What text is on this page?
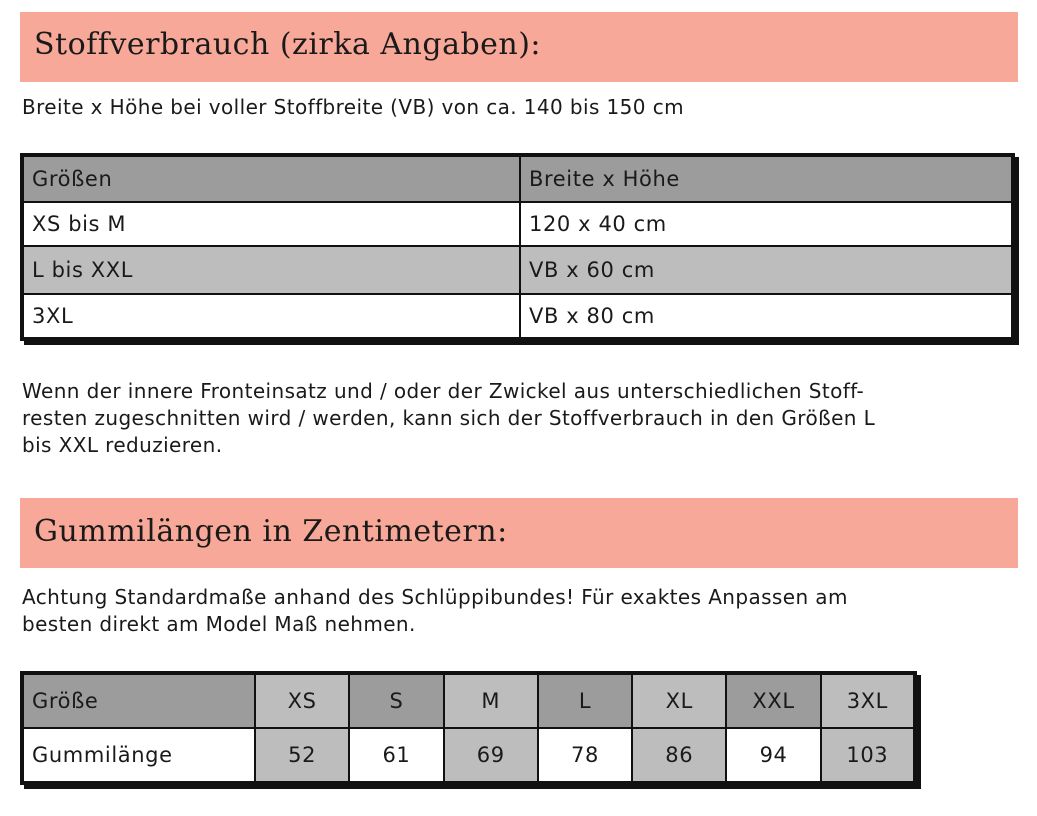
Stoffverbrauch (zirka Angaben):

Breite x Höhe bei voller Stoffbreite (VB) von ca. 140 bis 150 cm

Größen	Breite x Höhe
XS bis M	120 x 40 cm
L bis XXL	VB x 60 cm
3XL	VB x 80 cm

Wenn der innere Fronteinsatz und / oder der Zwickel aus unterschiedlichen Stoff-
resten zugeschnitten wird / werden, kann sich der Stoffverbrauch in den Größen L
bis XXL reduzieren.

Gummilängen in Zentimetern:

Achtung Standardmaße anhand des Schlüppibundes! Für exaktes Anpassen am
besten direkt am Model Maß nehmen.

Größe	XS	S	M	L	XL	XXL	3XL
Gummilänge	52	61	69	78	86	94	103
